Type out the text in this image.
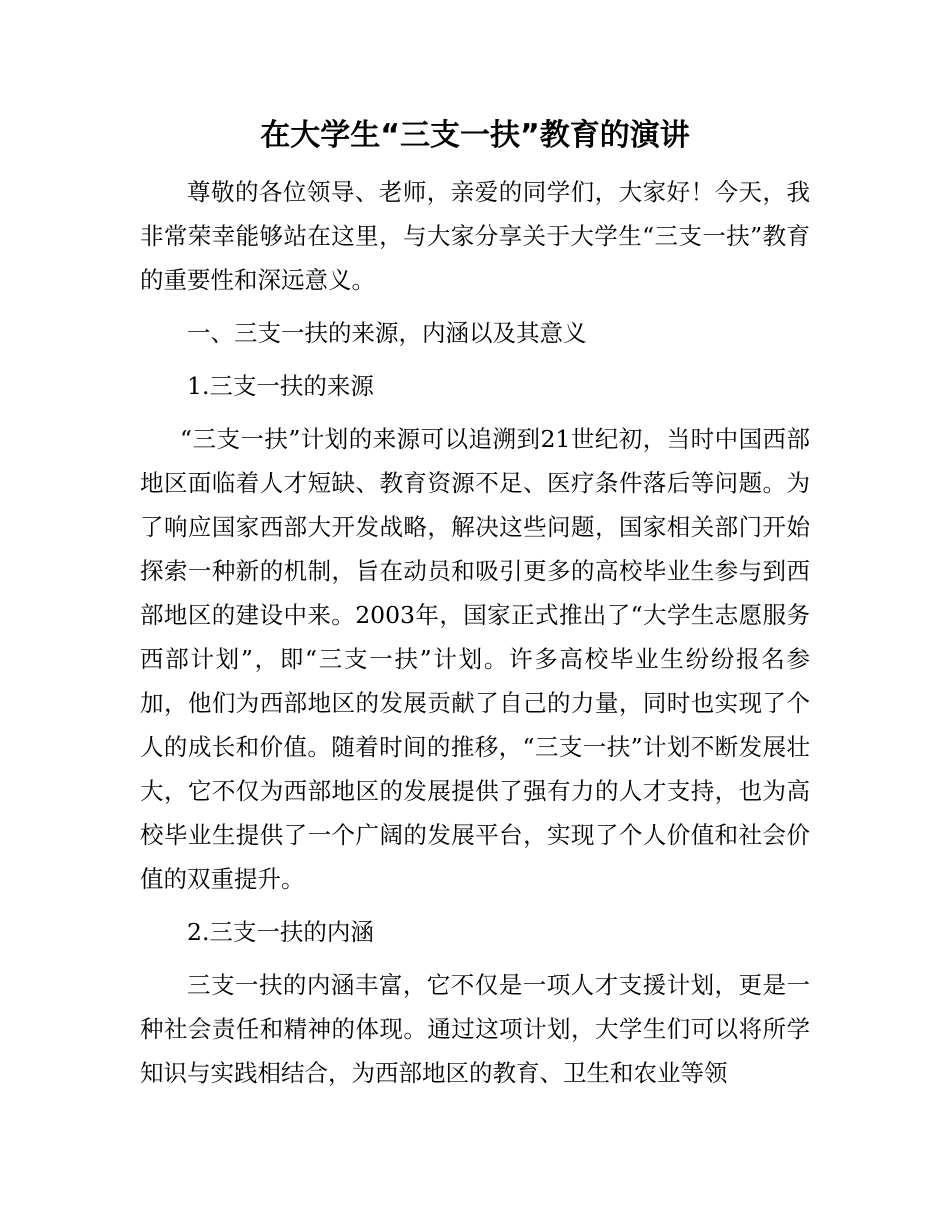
在大学生“三支一扶”教育的演讲

尊敬的各位领导、老师，亲爱的同学们，大家好！今天，我非常荣幸能够站在这里，与大家分享关于大学生“三支一扶”教育的重要性和深远意义。

一、三支一扶的来源，内涵以及其意义

1.三支一扶的来源

“三支一扶”计划的来源可以追溯到21世纪初，当时中国西部地区面临着人才短缺、教育资源不足、医疗条件落后等问题。为了响应国家西部大开发战略，解决这些问题，国家相关部门开始探索一种新的机制，旨在动员和吸引更多的高校毕业生参与到西部地区的建设中来。2003年，国家正式推出了“大学生志愿服务西部计划”，即“三支一扶”计划。许多高校毕业生纷纷报名参加，他们为西部地区的发展贡献了自己的力量，同时也实现了个人的成长和价值。随着时间的推移，“三支一扶”计划不断发展壮大，它不仅为西部地区的发展提供了强有力的人才支持，也为高校毕业生提供了一个广阔的发展平台，实现了个人价值和社会价值的双重提升。

2.三支一扶的内涵

三支一扶的内涵丰富，它不仅是一项人才支援计划，更是一种社会责任和精神的体现。通过这项计划，大学生们可以将所学知识与实践相结合，为西部地区的教育、卫生和农业等领
